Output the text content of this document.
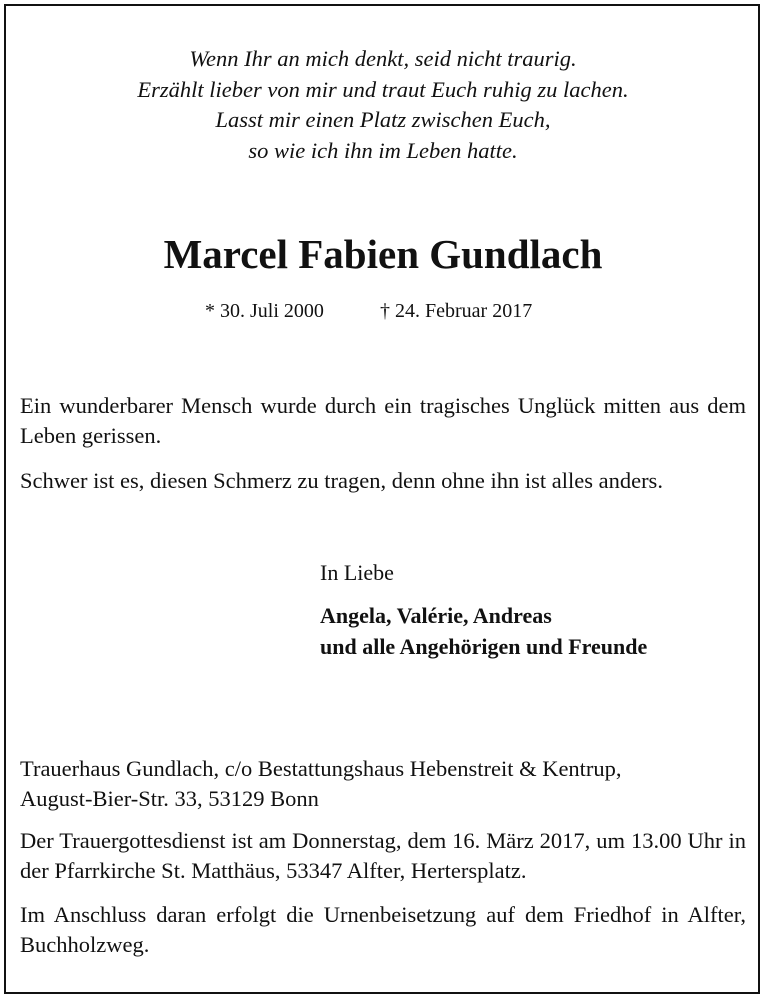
Wenn Ihr an mich denkt, seid nicht traurig.
Erzählt lieber von mir und traut Euch ruhig zu lachen.
Lasst mir einen Platz zwischen Euch,
so wie ich ihn im Leben hatte.
Marcel Fabien Gundlach
* 30. Juli 2000	† 24. Februar 2017
Ein wunderbarer Mensch wurde durch ein tragisches Unglück mitten aus dem Leben gerissen.
Schwer ist es, diesen Schmerz zu tragen, denn ohne ihn ist alles anders.
In Liebe
Angela, Valérie, Andreas
und alle Angehörigen und Freunde
Trauerhaus Gundlach, c/o Bestattungshaus Hebenstreit & Kentrup,
August-Bier-Str. 33, 53129 Bonn
Der Trauergottesdienst ist am Donnerstag, dem 16. März 2017, um 13.00 Uhr in der Pfarrkirche St. Matthäus, 53347 Alfter, Hertersplatz.
Im Anschluss daran erfolgt die Urnenbeisetzung auf dem Friedhof in Alfter, Buchholzweg.
